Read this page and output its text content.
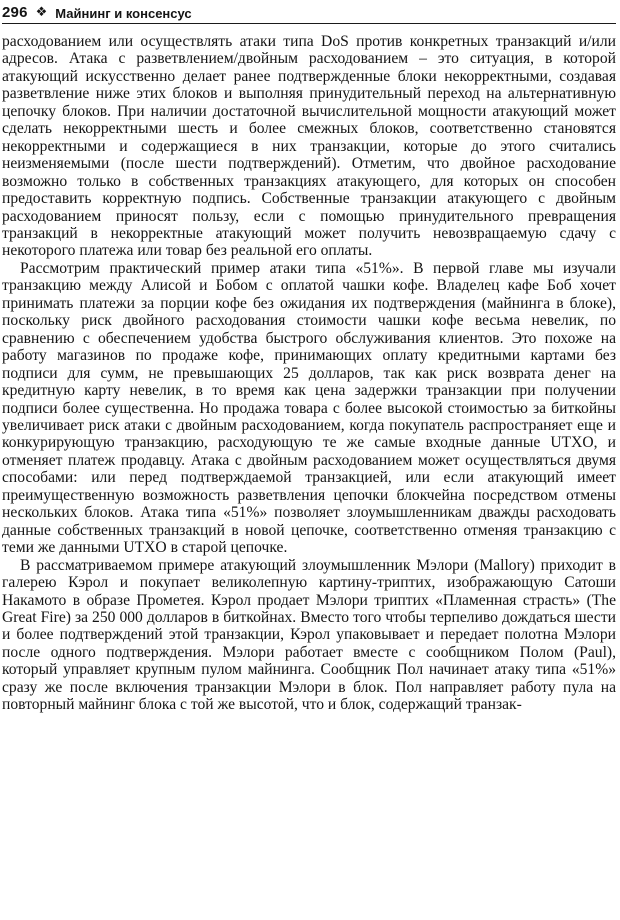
296 ❖ Майнинг и консенсус

расходованием или осуществлять атаки типа DoS против конкретных транзакций и/или адресов. Атака с разветвлением/двойным расходованием – это ситуация, в которой атакующий искусственно делает ранее подтвержденные блоки некорректными, создавая разветвление ниже этих блоков и выполняя принудительный переход на альтернативную цепочку блоков. При наличии достаточной вычислительной мощности атакующий может сделать некорректными шесть и более смежных блоков, соответственно становятся некорректными и содержащиеся в них транзакции, которые до этого считались неизменяемыми (после шести подтверждений). Отметим, что двойное расходование возможно только в собственных транзакциях атакующего, для которых он способен предоставить корректную подпись. Собственные транзакции атакующего с двойным расходованием приносят пользу, если с помощью принудительного превращения транзакций в некорректные атакующий может получить невозвращаемую сдачу с некоторого платежа или товар без реальной его оплаты.

Рассмотрим практический пример атаки типа «51%». В первой главе мы изучали транзакцию между Алисой и Бобом с оплатой чашки кофе. Владелец кафе Боб хочет принимать платежи за порции кофе без ожидания их подтверждения (майнинга в блоке), поскольку риск двойного расходования стоимости чашки кофе весьма невелик, по сравнению с обеспечением удобства быстрого обслуживания клиентов. Это похоже на работу магазинов по продаже кофе, принимающих оплату кредитными картами без подписи для сумм, не превышающих 25 долларов, так как риск возврата денег на кредитную карту невелик, в то время как цена задержки транзакции при получении подписи более существенна. Но продажа товара с более высокой стоимостью за биткойны увеличивает риск атаки с двойным расходованием, когда покупатель распространяет еще и конкурирующую транзакцию, расходующую те же самые входные данные UTXO, и отменяет платеж продавцу. Атака с двойным расходованием может осуществляться двумя способами: или перед подтверждаемой транзакцией, или если атакующий имеет преимущественную возможность разветвления цепочки блокчейна посредством отмены нескольких блоков. Атака типа «51%» позволяет злоумышленникам дважды расходовать данные собственных транзакций в новой цепочке, соответственно отменяя транзакцию с теми же данными UTXO в старой цепочке.

В рассматриваемом примере атакующий злоумышленник Мэлори (Mallory) приходит в галерею Кэрол и покупает великолепную картину-триптих, изображающую Сатоши Накамото в образе Прометея. Кэрол продает Мэлори триптих «Пламенная страсть» (The Great Fire) за 250 000 долларов в биткойнах. Вместо того чтобы терпеливо дождаться шести и более подтверждений этой транзакции, Кэрол упаковывает и передает полотна Мэлори после одного подтверждения. Мэлори работает вместе с сообщником Полом (Paul), который управляет крупным пулом майнинга. Сообщник Пол начинает атаку типа «51%» сразу же после включения транзакции Мэлори в блок. Пол направляет работу пула на повторный майнинг блока с той же высотой, что и блок, содержащий транзак-
